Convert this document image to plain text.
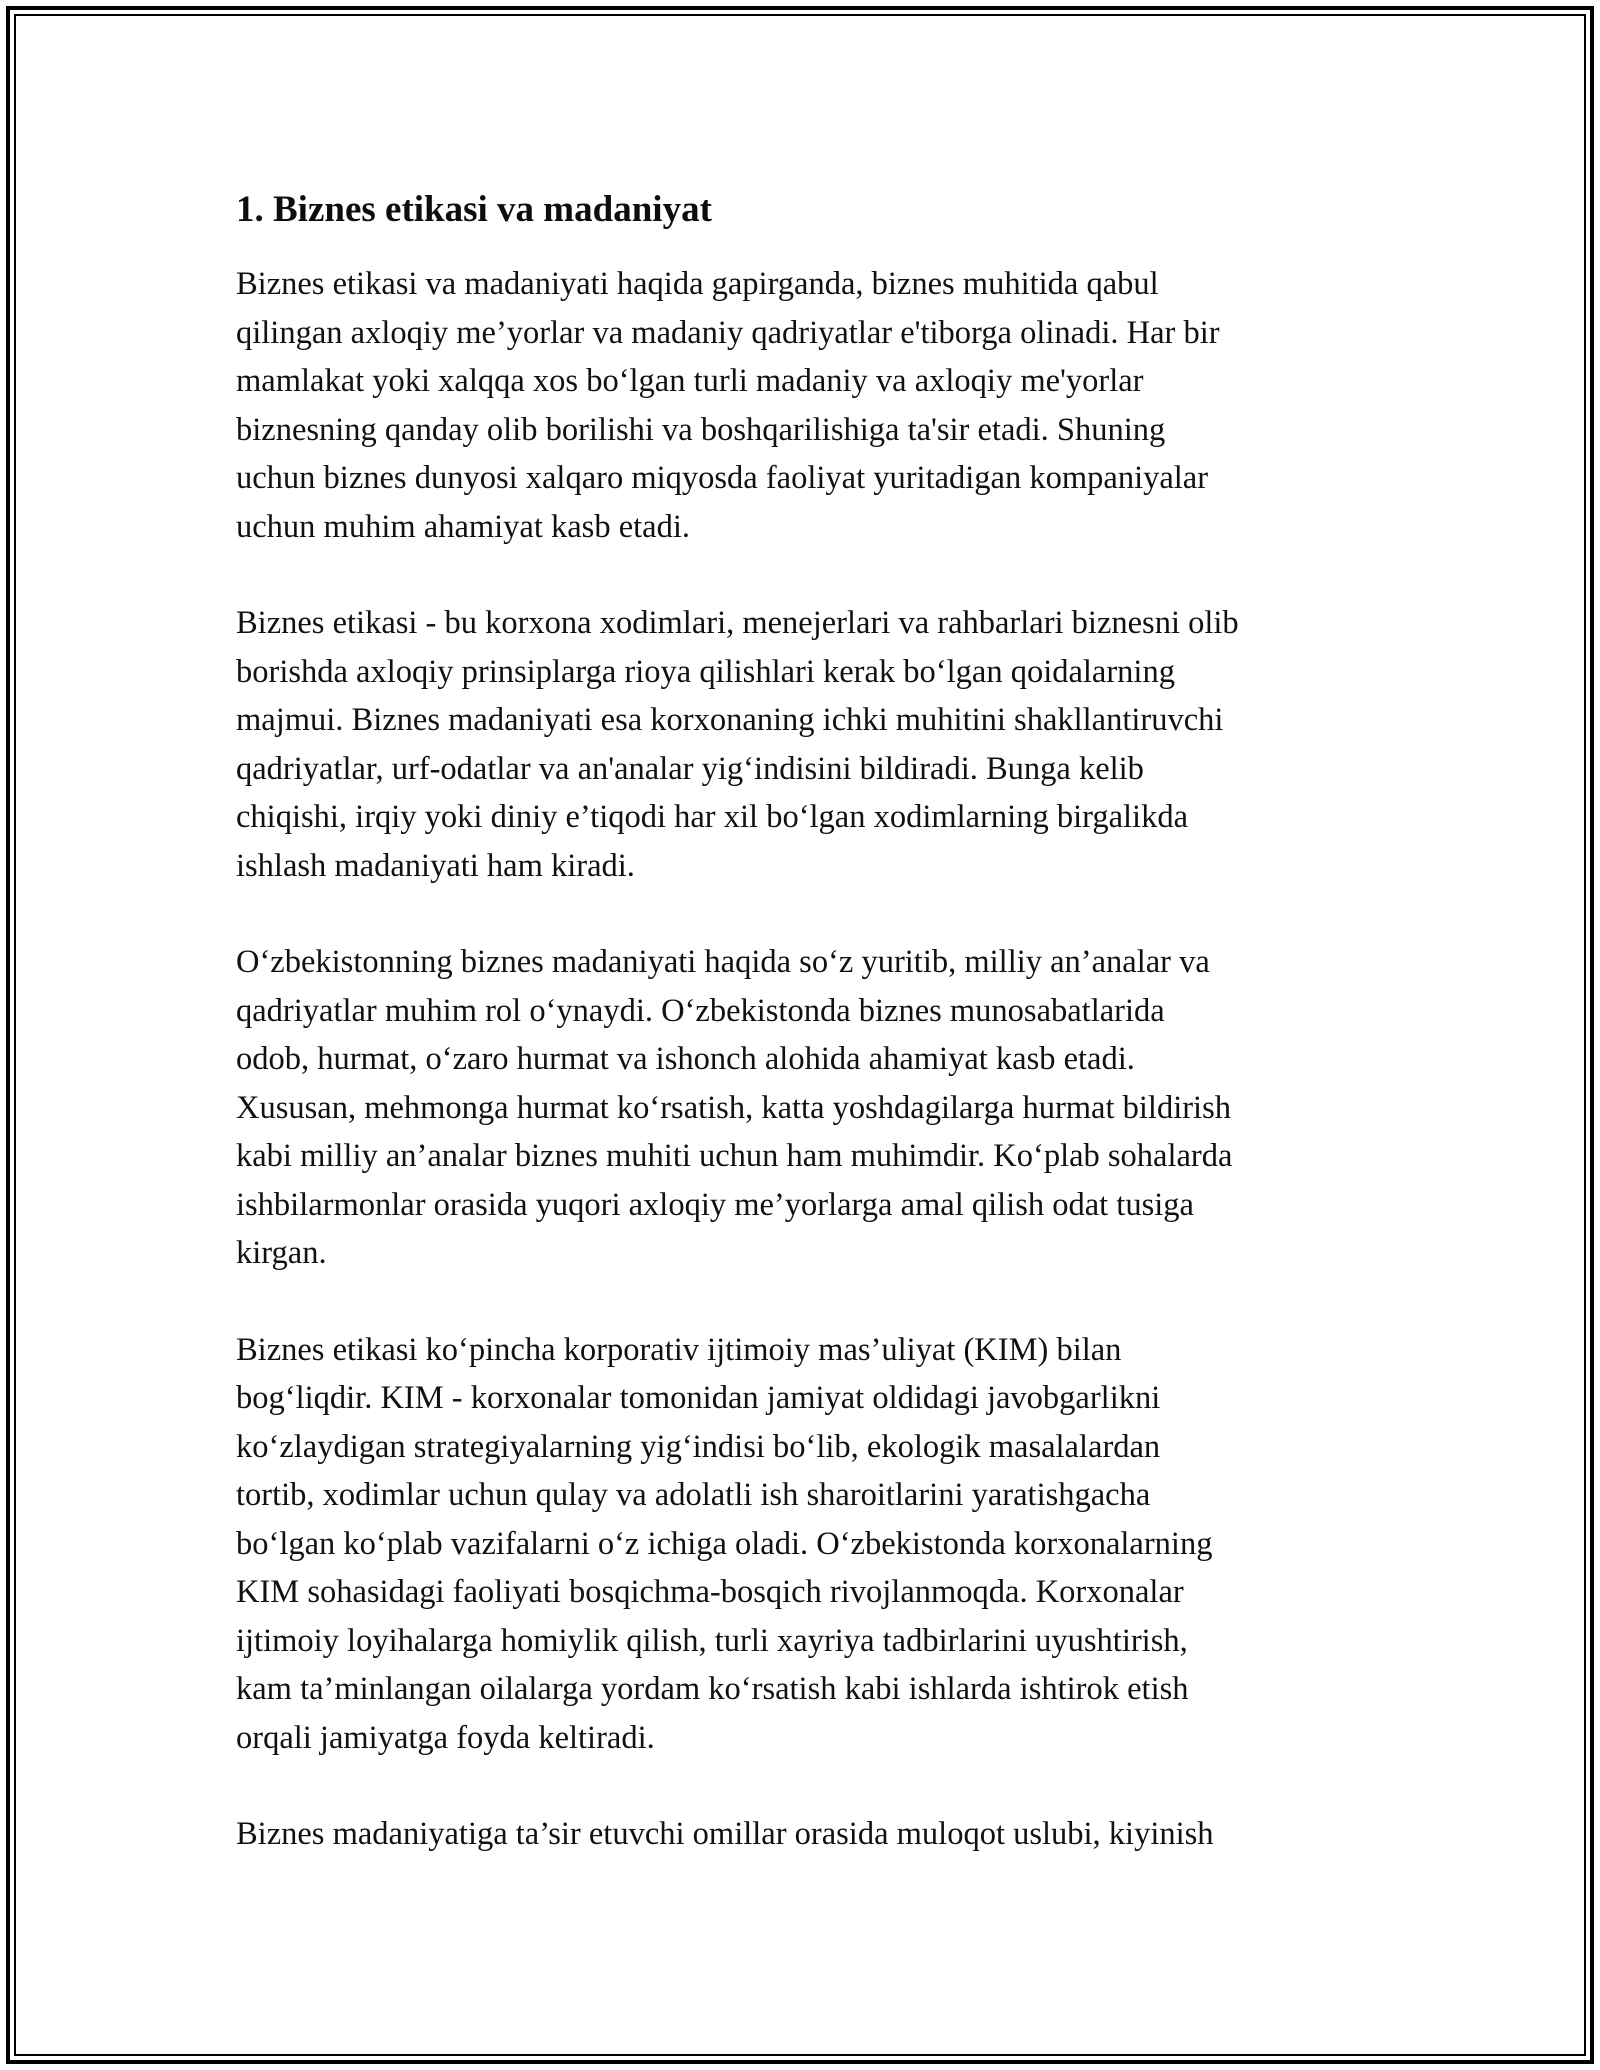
1. Biznes etikasi va madaniyat
Biznes etikasi va madaniyati haqida gapirganda, biznes muhitida qabul
qilingan axloqiy me’yorlar va madaniy qadriyatlar e'tiborga olinadi. Har bir
mamlakat yoki xalqqa xos bo‘lgan turli madaniy va axloqiy me'yorlar
biznesning qanday olib borilishi va boshqarilishiga ta'sir etadi. Shuning
uchun biznes dunyosi xalqaro miqyosda faoliyat yuritadigan kompaniyalar
uchun muhim ahamiyat kasb etadi.
Biznes etikasi - bu korxona xodimlari, menejerlari va rahbarlari biznesni olib
borishda axloqiy prinsiplarga rioya qilishlari kerak bo‘lgan qoidalarning
majmui. Biznes madaniyati esa korxonaning ichki muhitini shakllantiruvchi
qadriyatlar, urf-odatlar va an'analar yig‘indisini bildiradi. Bunga kelib
chiqishi, irqiy yoki diniy e’tiqodi har xil bo‘lgan xodimlarning birgalikda
ishlash madaniyati ham kiradi.
O‘zbekistonning biznes madaniyati haqida so‘z yuritib, milliy an’analar va
qadriyatlar muhim rol o‘ynaydi. O‘zbekistonda biznes munosabatlarida
odob, hurmat, o‘zaro hurmat va ishonch alohida ahamiyat kasb etadi.
Xususan, mehmonga hurmat ko‘rsatish, katta yoshdagilarga hurmat bildirish
kabi milliy an’analar biznes muhiti uchun ham muhimdir. Ko‘plab sohalarda
ishbilarmonlar orasida yuqori axloqiy me’yorlarga amal qilish odat tusiga
kirgan.
Biznes etikasi ko‘pincha korporativ ijtimoiy mas’uliyat (KIM) bilan
bog‘liqdir. KIM - korxonalar tomonidan jamiyat oldidagi javobgarlikni
ko‘zlaydigan strategiyalarning yig‘indisi bo‘lib, ekologik masalalardan
tortib, xodimlar uchun qulay va adolatli ish sharoitlarini yaratishgacha
bo‘lgan ko‘plab vazifalarni o‘z ichiga oladi. O‘zbekistonda korxonalarning
KIM sohasidagi faoliyati bosqichma-bosqich rivojlanmoqda. Korxonalar
ijtimoiy loyihalarga homiylik qilish, turli xayriya tadbirlarini uyushtirish,
kam ta’minlangan oilalarga yordam ko‘rsatish kabi ishlarda ishtirok etish
orqali jamiyatga foyda keltiradi.
Biznes madaniyatiga ta’sir etuvchi omillar orasida muloqot uslubi, kiyinish
